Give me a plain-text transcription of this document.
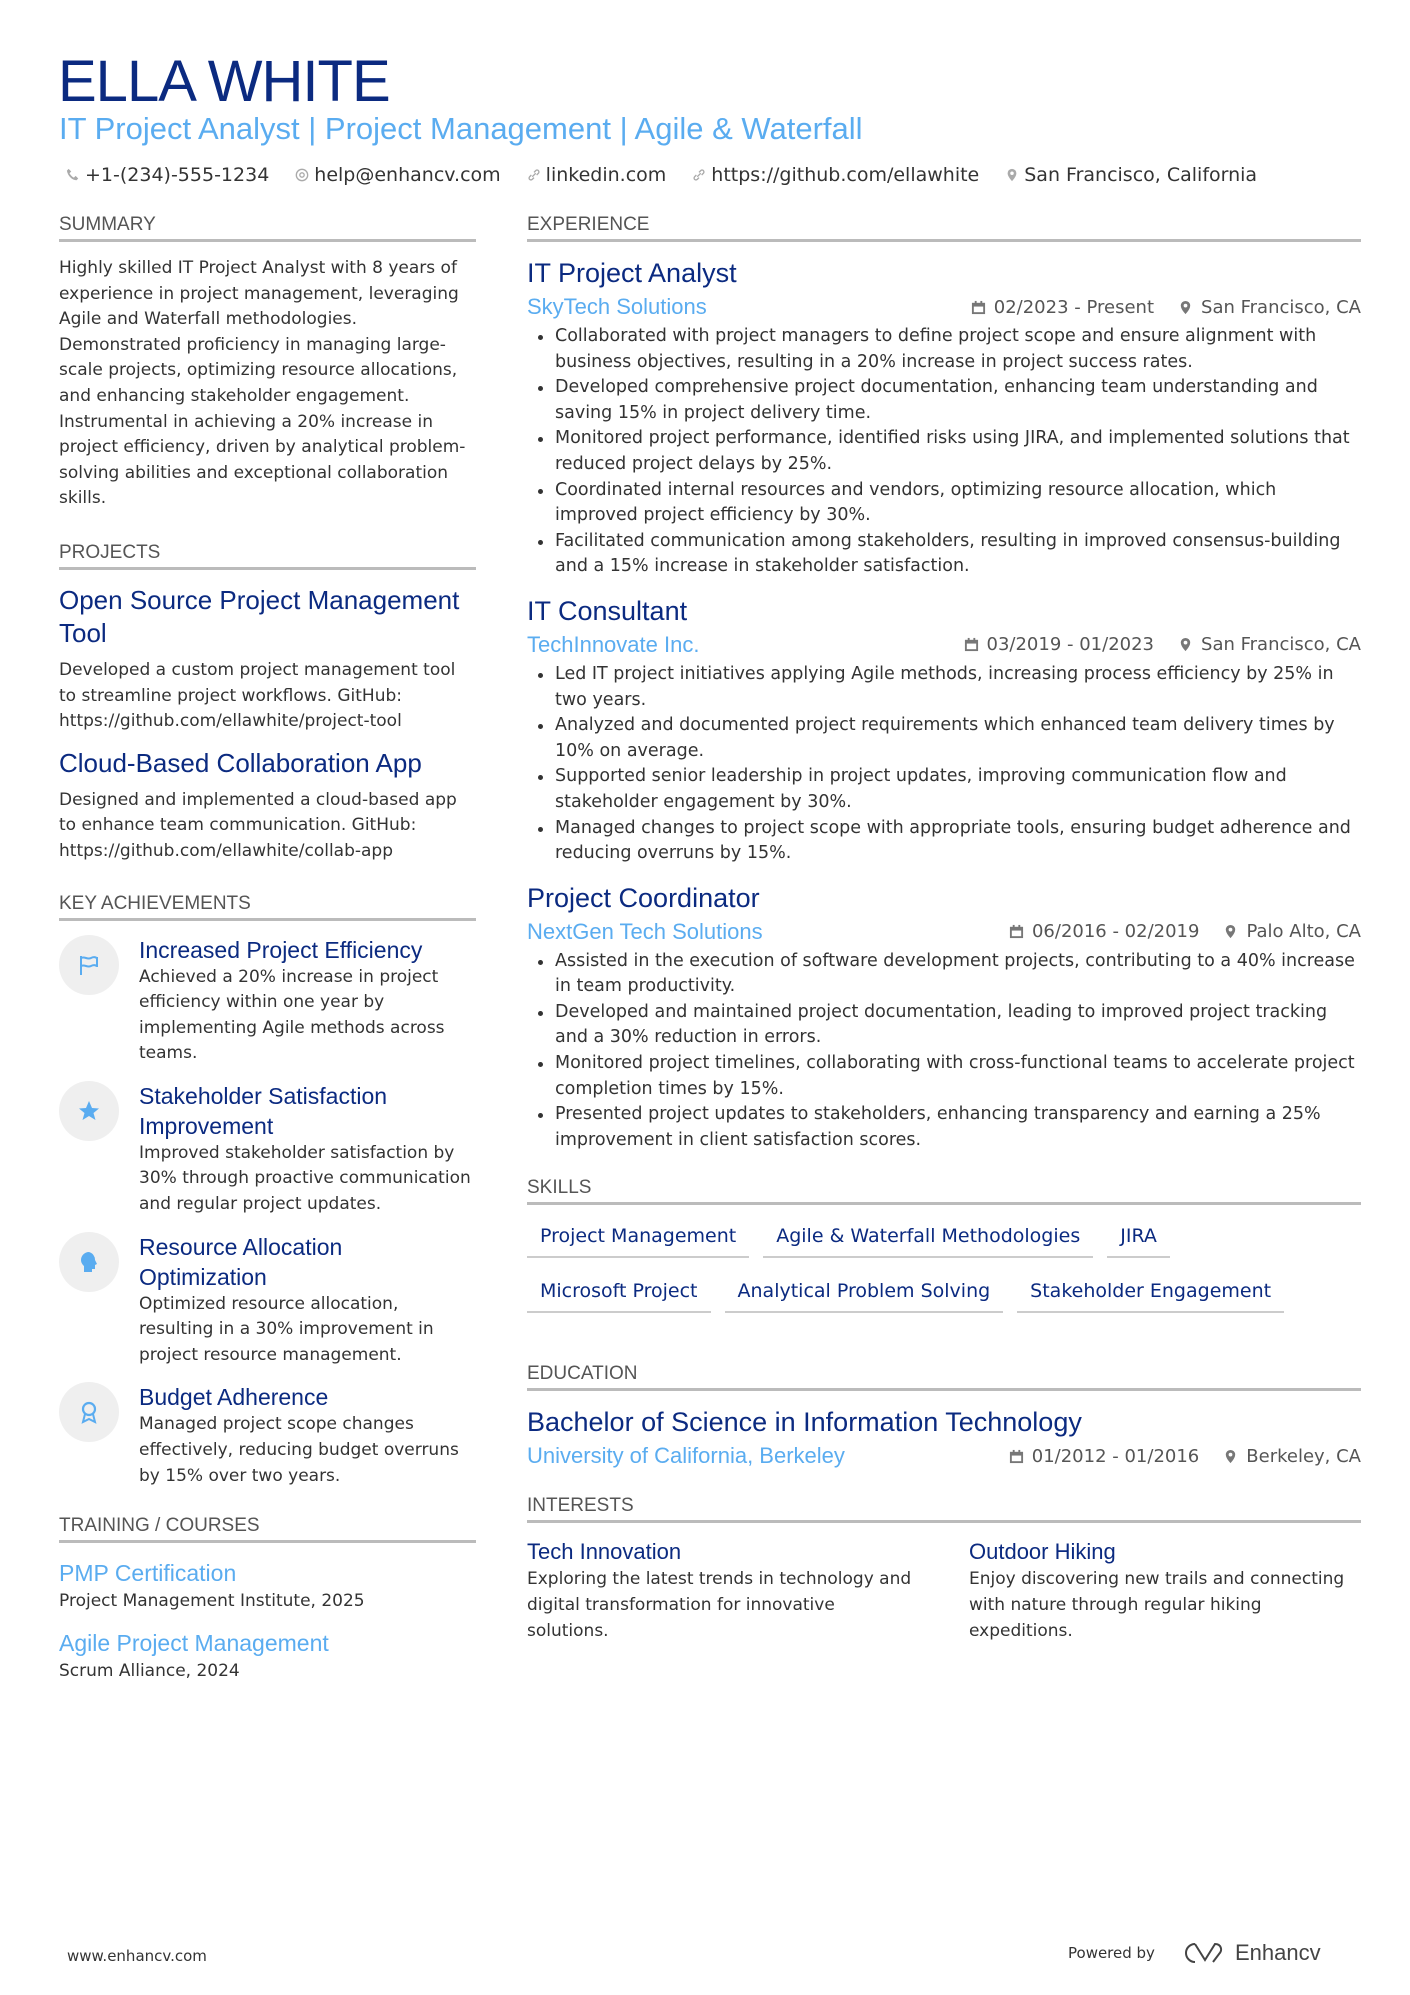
ELLA WHITE
IT Project Analyst | Project Management | Agile & Waterfall
+1-(234)-555-1234 help@enhancv.com linkedin.com https://github.com/ellawhite San Francisco, California
SUMMARY
Highly skilled IT Project Analyst with 8 years of experience in project management, leveraging Agile and Waterfall methodologies. Demonstrated proficiency in managing large-scale projects, optimizing resource allocations, and enhancing stakeholder engagement. Instrumental in achieving a 20% increase in project efficiency, driven by analytical problem-solving abilities and exceptional collaboration skills.
PROJECTS
Open Source Project Management Tool
Developed a custom project management tool to streamline project workflows. GitHub: https://github.com/ellawhite/project-tool
Cloud-Based Collaboration App
Designed and implemented a cloud-based app to enhance team communication. GitHub: https://github.com/ellawhite/collab-app
KEY ACHIEVEMENTS
Increased Project Efficiency
Achieved a 20% increase in project efficiency within one year by implementing Agile methods across teams.
Stakeholder Satisfaction Improvement
Improved stakeholder satisfaction by 30% through proactive communication and regular project updates.
Resource Allocation Optimization
Optimized resource allocation, resulting in a 30% improvement in project resource management.
Budget Adherence
Managed project scope changes effectively, reducing budget overruns by 15% over two years.
TRAINING / COURSES
PMP Certification
Project Management Institute, 2025
Agile Project Management
Scrum Alliance, 2024
EXPERIENCE
IT Project Analyst
SkyTech Solutions	02/2023 - Present	San Francisco, CA
Collaborated with project managers to define project scope and ensure alignment with business objectives, resulting in a 20% increase in project success rates.
Developed comprehensive project documentation, enhancing team understanding and saving 15% in project delivery time.
Monitored project performance, identified risks using JIRA, and implemented solutions that reduced project delays by 25%.
Coordinated internal resources and vendors, optimizing resource allocation, which improved project efficiency by 30%.
Facilitated communication among stakeholders, resulting in improved consensus-building and a 15% increase in stakeholder satisfaction.
IT Consultant
TechInnovate Inc.	03/2019 - 01/2023	San Francisco, CA
Led IT project initiatives applying Agile methods, increasing process efficiency by 25% in two years.
Analyzed and documented project requirements which enhanced team delivery times by 10% on average.
Supported senior leadership in project updates, improving communication flow and stakeholder engagement by 30%.
Managed changes to project scope with appropriate tools, ensuring budget adherence and reducing overruns by 15%.
Project Coordinator
NextGen Tech Solutions	06/2016 - 02/2019	Palo Alto, CA
Assisted in the execution of software development projects, contributing to a 40% increase in team productivity.
Developed and maintained project documentation, leading to improved project tracking and a 30% reduction in errors.
Monitored project timelines, collaborating with cross-functional teams to accelerate project completion times by 15%.
Presented project updates to stakeholders, enhancing transparency and earning a 25% improvement in client satisfaction scores.
SKILLS
Project Management	Agile & Waterfall Methodologies	JIRA
Microsoft Project	Analytical Problem Solving	Stakeholder Engagement
EDUCATION
Bachelor of Science in Information Technology
University of California, Berkeley	01/2012 - 01/2016	Berkeley, CA
INTERESTS
Tech Innovation
Exploring the latest trends in technology and digital transformation for innovative solutions.
Outdoor Hiking
Enjoy discovering new trails and connecting with nature through regular hiking expeditions.
www.enhancv.com	Powered by	Enhancv
